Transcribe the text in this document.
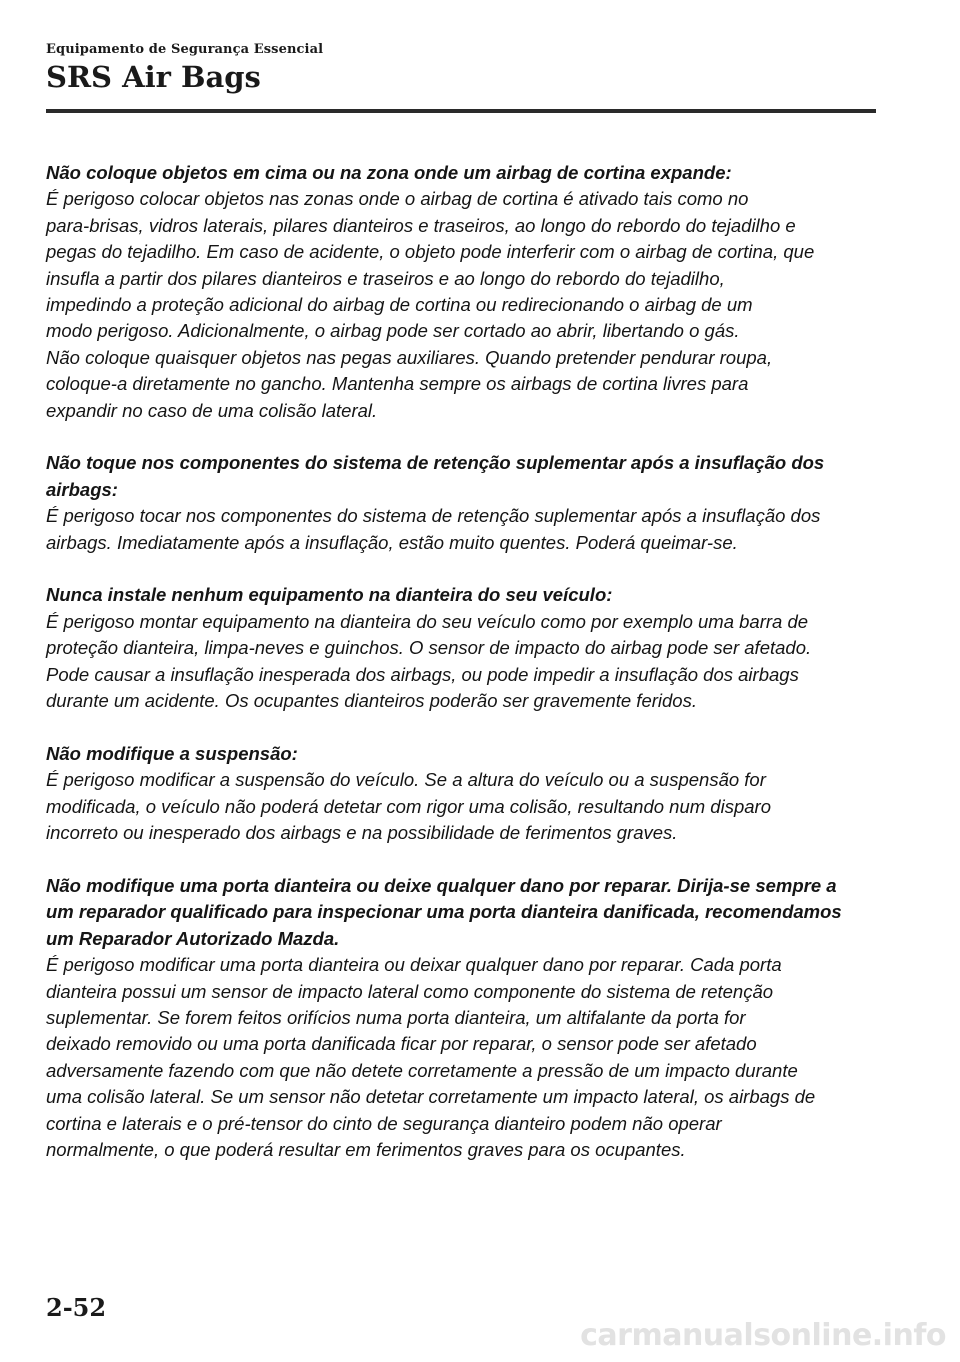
Equipamento de Segurança Essencial
SRS Air Bags
Não coloque objetos em cima ou na zona onde um airbag de cortina expande:
É perigoso colocar objetos nas zonas onde o airbag de cortina é ativado tais como no
para-brisas, vidros laterais, pilares dianteiros e traseiros, ao longo do rebordo do tejadilho e
pegas do tejadilho. Em caso de acidente, o objeto pode interferir com o airbag de cortina, que
insufla a partir dos pilares dianteiros e traseiros e ao longo do rebordo do tejadilho,
impedindo a proteção adicional do airbag de cortina ou redirecionando o airbag de um
modo perigoso. Adicionalmente, o airbag pode ser cortado ao abrir, libertando o gás.
Não coloque quaisquer objetos nas pegas auxiliares. Quando pretender pendurar roupa,
coloque-a diretamente no gancho. Mantenha sempre os airbags de cortina livres para
expandir no caso de uma colisão lateral.
Não toque nos componentes do sistema de retenção suplementar após a insuflação dos
airbags:
É perigoso tocar nos componentes do sistema de retenção suplementar após a insuflação dos
airbags. Imediatamente após a insuflação, estão muito quentes. Poderá queimar-se.
Nunca instale nenhum equipamento na dianteira do seu veículo:
É perigoso montar equipamento na dianteira do seu veículo como por exemplo uma barra de
proteção dianteira, limpa-neves e guinchos. O sensor de impacto do airbag pode ser afetado.
Pode causar a insuflação inesperada dos airbags, ou pode impedir a insuflação dos airbags
durante um acidente. Os ocupantes dianteiros poderão ser gravemente feridos.
Não modifique a suspensão:
É perigoso modificar a suspensão do veículo. Se a altura do veículo ou a suspensão for
modificada, o veículo não poderá detetar com rigor uma colisão, resultando num disparo
incorreto ou inesperado dos airbags e na possibilidade de ferimentos graves.
Não modifique uma porta dianteira ou deixe qualquer dano por reparar. Dirija-se sempre a
um reparador qualificado para inspecionar uma porta dianteira danificada, recomendamos
um Reparador Autorizado Mazda.
É perigoso modificar uma porta dianteira ou deixar qualquer dano por reparar. Cada porta
dianteira possui um sensor de impacto lateral como componente do sistema de retenção
suplementar. Se forem feitos orifícios numa porta dianteira, um altifalante da porta for
deixado removido ou uma porta danificada ficar por reparar, o sensor pode ser afetado
adversamente fazendo com que não detete corretamente a pressão de um impacto durante
uma colisão lateral. Se um sensor não detetar corretamente um impacto lateral, os airbags de
cortina e laterais e o pré-tensor do cinto de segurança dianteiro podem não operar
normalmente, o que poderá resultar em ferimentos graves para os ocupantes.
2-52
carmanualsonline.info
